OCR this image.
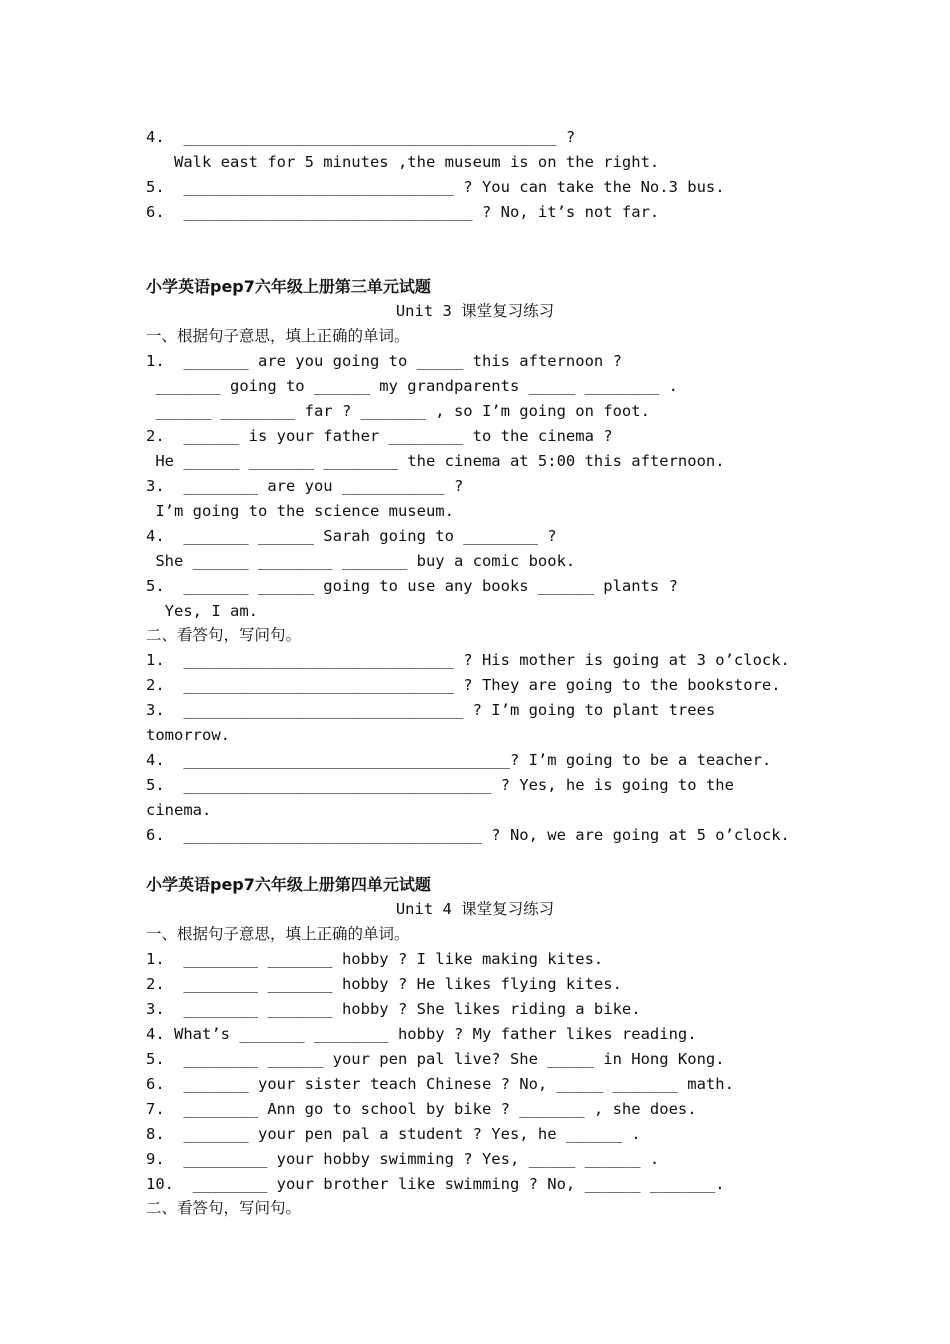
4.  ________________________________________ ?
Walk east for 5 minutes ,the museum is on the right.
5.  _____________________________ ? You can take the No.3 bus.
6.  _______________________________ ? No, it’s not far.
小学英语pep7六年级上册第三单元试题
Unit 3 课堂复习练习
一、根据句子意思，填上正确的单词。
1.  _______ are you going to _____ this afternoon ?
_______ going to ______ my grandparents _____ ________ .
______ ________ far ? _______ , so I’m going on foot.
2.  ______ is your father ________ to the cinema ?
He ______ _______ ________ the cinema at 5:00 this afternoon.
3.  ________ are you ___________ ?
I’m going to the science museum.
4.  _______ ______ Sarah going to ________ ?
She ______ ________ _______ buy a comic book.
5.  _______ ______ going to use any books ______ plants ?
Yes, I am.
二、看答句，写问句。
1.  _____________________________ ? His mother is going at 3 o’clock.
2.  _____________________________ ? They are going to the bookstore.
3.  ______________________________ ? I’m going to plant trees
tomorrow.
4.  ___________________________________? I’m going to be a teacher.
5.  _________________________________ ? Yes, he is going to the
cinema.
6.  ________________________________ ? No, we are going at 5 o’clock.
小学英语pep7六年级上册第四单元试题
Unit 4 课堂复习练习
一、根据句子意思，填上正确的单词。
1.  ________ _______ hobby ? I like making kites.
2.  ________ _______ hobby ? He likes flying kites.
3.  ________ _______ hobby ? She likes riding a bike.
4. What’s _______ ________ hobby ? My father likes reading.
5.  ________ ______ your pen pal live? She _____ in Hong Kong.
6.  _______ your sister teach Chinese ? No, _____ _______ math.
7.  ________ Ann go to school by bike ? _______ , she does.
8.  _______ your pen pal a student ? Yes, he ______ .
9.  _________ your hobby swimming ? Yes, _____ ______ .
10.  ________ your brother like swimming ? No, ______ _______.
二、看答句，写问句。
